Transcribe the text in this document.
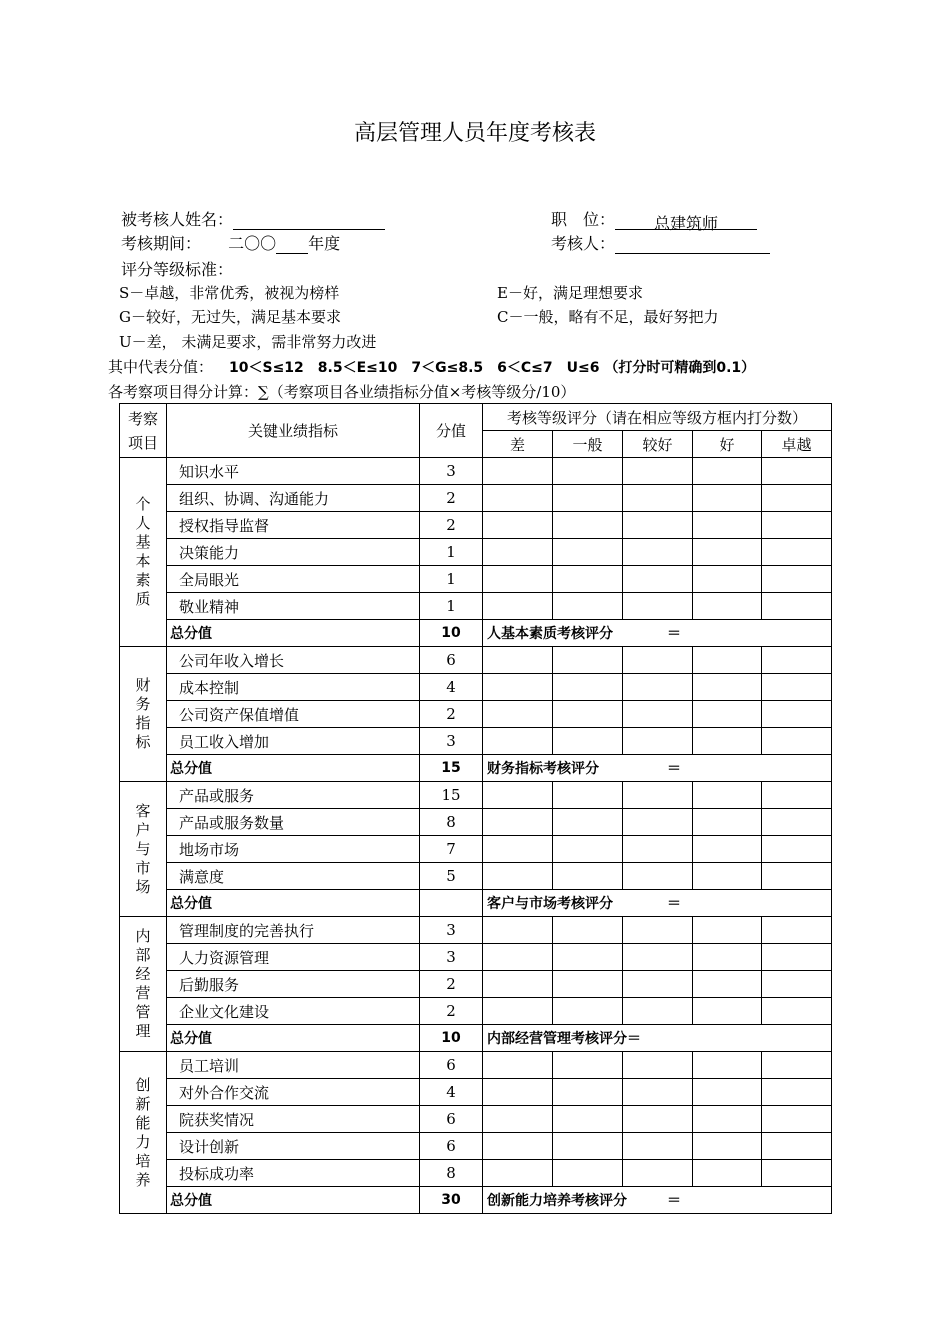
高层管理人员年度考核表
被考核人姓名：	职　位： 总建筑师
考核期间： 二〇〇 年度	考核人：
评分等级标准：
S－卓越，非常优秀，被视为榜样	E－好，满足理想要求
G－较好，无过失，满足基本要求	C－一般，略有不足，最好努把力
U－差， 未满足要求，需非常努力改进
其中代表分值： 10＜S≤12　8.5＜E≤10　7＜G≤8.5　6＜C≤7　U≤6 （打分时可精确到0.1）
各考察项目得分计算：∑（考察项目各业绩指标分值×考核等级分/10）
考察项目	关键业绩指标	分值	考核等级评分（请在相应等级方框内打分数）				
			差	一般	较好	好	卓越
个人基本素质	知识水平	3					
	组织、协调、沟通能力	2					
	授权指导监督	2					
	决策能力	1					
	全局眼光	1					
	敬业精神	1					
	总分值	10	人基本素质考核评分 ＝				

财务指标	公司年收入增长	6					
	成本控制	4					
	公司资产保值增值	2					
	员工收入增加	3					
	总分值	15	财务指标考核评分 ＝				

客户与市场	产品或服务	15					
	产品或服务数量	8					
	地场市场	7					
	满意度	5					
	总分值		客户与市场考核评分 ＝				

内部经营管理	管理制度的完善执行	3					
	人力资源管理	3					
	后勤服务	2					
	企业文化建设	2					
	总分值	10	内部经营管理考核评分＝				

创新能力培养	员工培训	6					
	对外合作交流	4					
	院获奖情况	6					
	设计创新	6					
	投标成功率	8					
	总分值	30	创新能力培养考核评分 ＝				
